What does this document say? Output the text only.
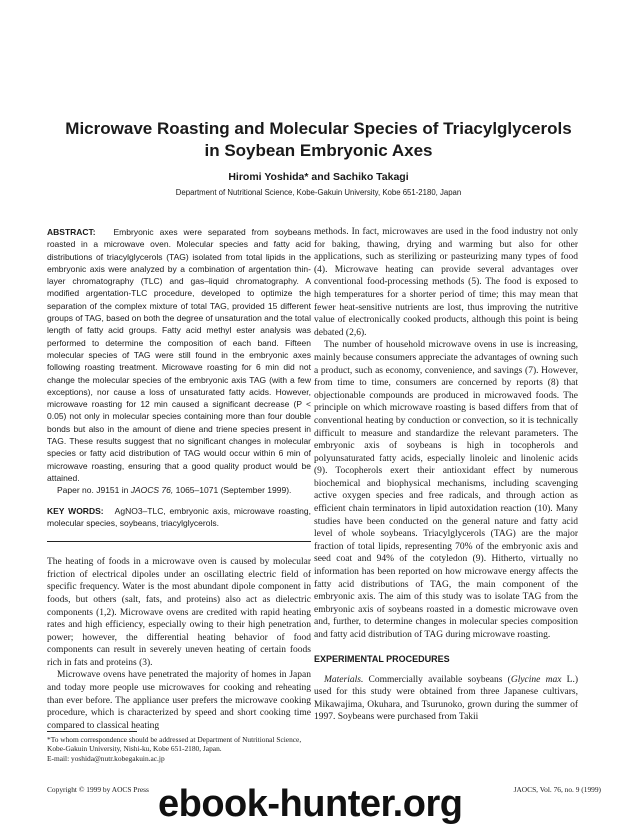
Microwave Roasting and Molecular Species of Triacylglycerols
in Soybean Embryonic Axes
Hiromi Yoshida* and Sachiko Takagi
Department of Nutritional Science, Kobe-Gakuin University, Kobe 651-2180, Japan

ABSTRACT: Embryonic axes were separated from soybeans roasted in a microwave oven. Molecular species and fatty acid distributions of triacylglycerols (TAG) isolated from total lipids in the embryonic axis were analyzed by a combination of argentation thin-layer chromatography (TLC) and gas–liquid chromatography. A modified argentation-TLC procedure, developed to optimize the separation of the complex mixture of total TAG, provided 15 different groups of TAG, based on both the degree of unsaturation and the total length of fatty acid groups. Fatty acid methyl ester analysis was performed to determine the composition of each band. Fifteen molecular species of TAG were still found in the embryonic axes following roasting treatment. Microwave roasting for 6 min did not change the molecular species of the embryonic axis TAG (with a few exceptions), nor cause a loss of unsaturated fatty acids. However, microwave roasting for 12 min caused a significant decrease (P < 0.05) not only in molecular species containing more than four double bonds but also in the amount of diene and triene species present in TAG. These results suggest that no significant changes in molecular species or fatty acid distribution of TAG would occur within 6 min of microwave roasting, ensuring that a good quality product would be attained.

Paper no. J9151 in JAOCS 76, 1065–1071 (September 1999).

KEY WORDS: AgNO3–TLC, embryonic axis, microwave roasting, molecular species, soybeans, triacylglycerols.

The heating of foods in a microwave oven is caused by molecular friction of electrical dipoles under an oscillating electric field of specific frequency. Water is the most abundant dipole component in foods, but others (salt, fats, and proteins) also act as dielectric components (1,2). Microwave ovens are credited with rapid heating rates and high efficiency, especially owing to their high penetration power; however, the differential heating behavior of food components can result in severely uneven heating of certain foods rich in fats and proteins (3).

Microwave ovens have penetrated the majority of homes in Japan and today more people use microwaves for cooking and reheating than ever before. The appliance user prefers the microwave cooking procedure, which is characterized by speed and short cooking time compared to classical heating

*To whom correspondence should be addressed at Department of Nutritional Science, Kobe-Gakuin University, Nishi-ku, Kobe 651-2180, Japan.

E-mail: yoshida@nutr.kobegakuin.ac.jp

methods. In fact, microwaves are used in the food industry not only for baking, thawing, drying and warming but also for other applications, such as sterilizing or pasteurizing many types of food (4). Microwave heating can provide several advantages over conventional food-processing methods (5). The food is exposed to high temperatures for a shorter period of time; this may mean that fewer heat-sensitive nutrients are lost, thus improving the nutritive value of electronically cooked products, although this point is being debated (2,6).

The number of household microwave ovens in use is increasing, mainly because consumers appreciate the advantages of owning such a product, such as economy, convenience, and savings (7). However, from time to time, consumers are concerned by reports (8) that objectionable compounds are produced in microwaved foods. The principle on which microwave roasting is based differs from that of conventional heating by conduction or convection, so it is technically difficult to measure and standardize the relevant parameters. The embryonic axis of soybeans is high in tocopherols and polyunsaturated fatty acids, especially linoleic and linolenic acids (9). Tocopherols exert their antioxidant effect by numerous biochemical and biophysical mechanisms, including scavenging active oxygen species and free radicals, and through action as efficient chain terminators in lipid autoxidation reaction (10). Many studies have been conducted on the general nature and fatty acid level of whole soybeans. Triacylglycerols (TAG) are the major fraction of total lipids, representing 70% of the embryonic axis and seed coat and 94% of the cotyledon (9). Hitherto, virtually no information has been reported on how microwave energy affects the fatty acid distributions of TAG, the main component of the embryonic axis. The aim of this study was to isolate TAG from the embryonic axis of soybeans roasted in a domestic microwave oven and, further, to determine changes in molecular species composition and fatty acid distribution of TAG during microwave roasting.

EXPERIMENTAL PROCEDURES

Materials. Commercially available soybeans (Glycine max L.) used for this study were obtained from three Japanese cultivars, Mikawajima, Okuhara, and Tsurunoko, grown during the summer of 1997. Soybeans were purchased from Takii

Copyright © 1999 by AOCS Press	JAOCS, Vol. 76, no. 9 (1999)
ebook-hunter.org
